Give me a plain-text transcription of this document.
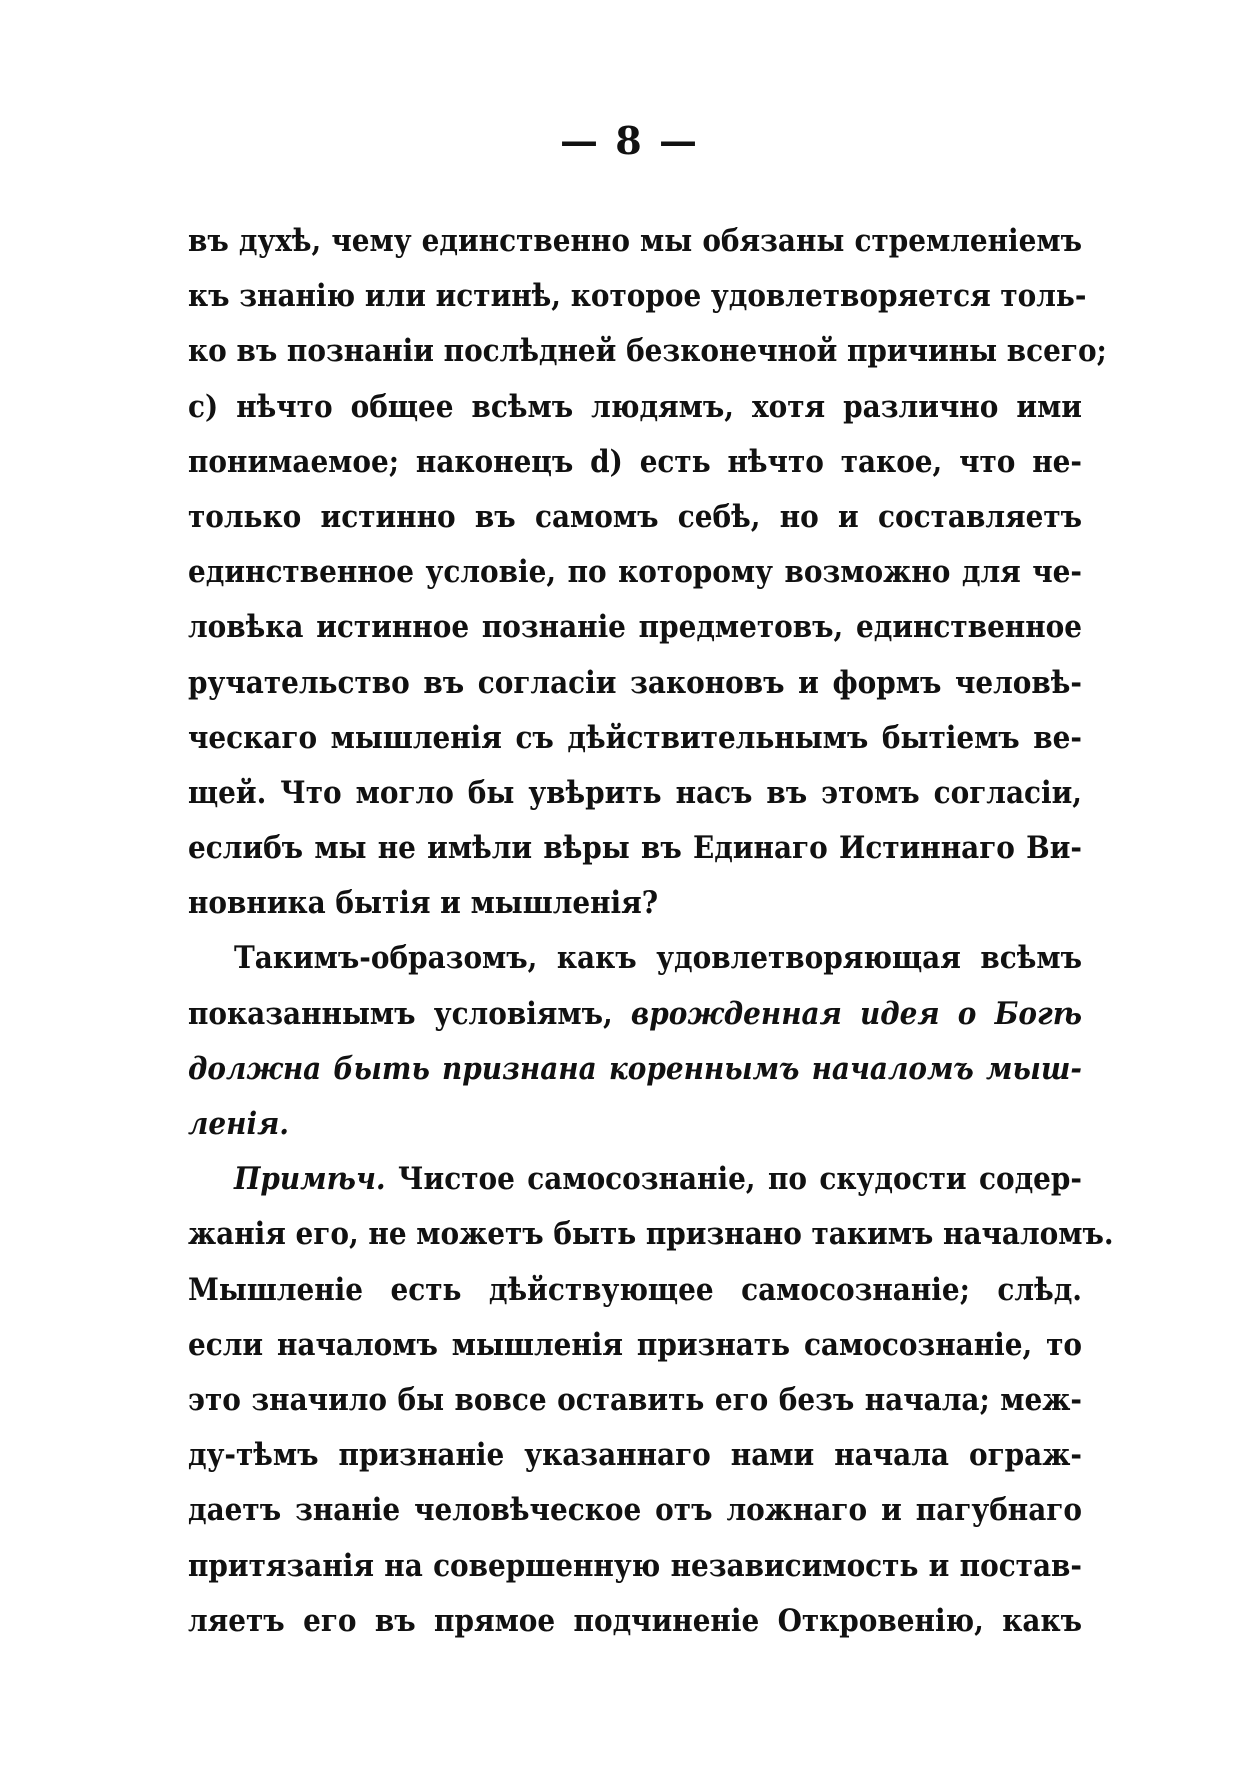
— 8 —
въ духѣ, чему единственно мы обязаны стремленіемъ
къ знанію или истинѣ, которое удовлетворяется толь-
ко въ познаніи послѣдней безконечной причины всего;
с) нѣчто общее всѣмъ людямъ, хотя различно ими
понимаемое; наконецъ d) есть нѣчто такое, что не-
только истинно въ самомъ себѣ, но и составляетъ
единственное условіе, по которому возможно для че-
ловѣка истинное познаніе предметовъ, единственное
ручательство въ согласіи законовъ и формъ человѣ-
ческаго мышленія съ дѣйствительнымъ бытіемъ ве-
щей. Что могло бы увѣрить насъ въ этомъ согласіи,
еслибъ мы не имѣли вѣры въ Единаго Истиннаго Ви-
новника бытія и мышленія?
Такимъ-образомъ, какъ удовлетворяющая всѣмъ
показаннымъ условіямъ, врожденная идея о Богѣ
должна быть признана кореннымъ началомъ мыш-
ленія.
Примѣч. Чистое самосознаніе, по скудости содер-
жанія его, не можетъ быть признано такимъ началомъ.
Мышленіе есть дѣйствующее самосознаніе; слѣд.
если началомъ мышленія признать самосознаніе, то
это значило бы вовсе оставить его безъ начала; меж-
ду-тѣмъ признаніе указаннаго нами начала ограж-
даетъ знаніе человѣческое отъ ложнаго и пагубнаго
притязанія на совершенную независимость и постав-
ляетъ его въ прямое подчиненіе Откровенію, какъ
